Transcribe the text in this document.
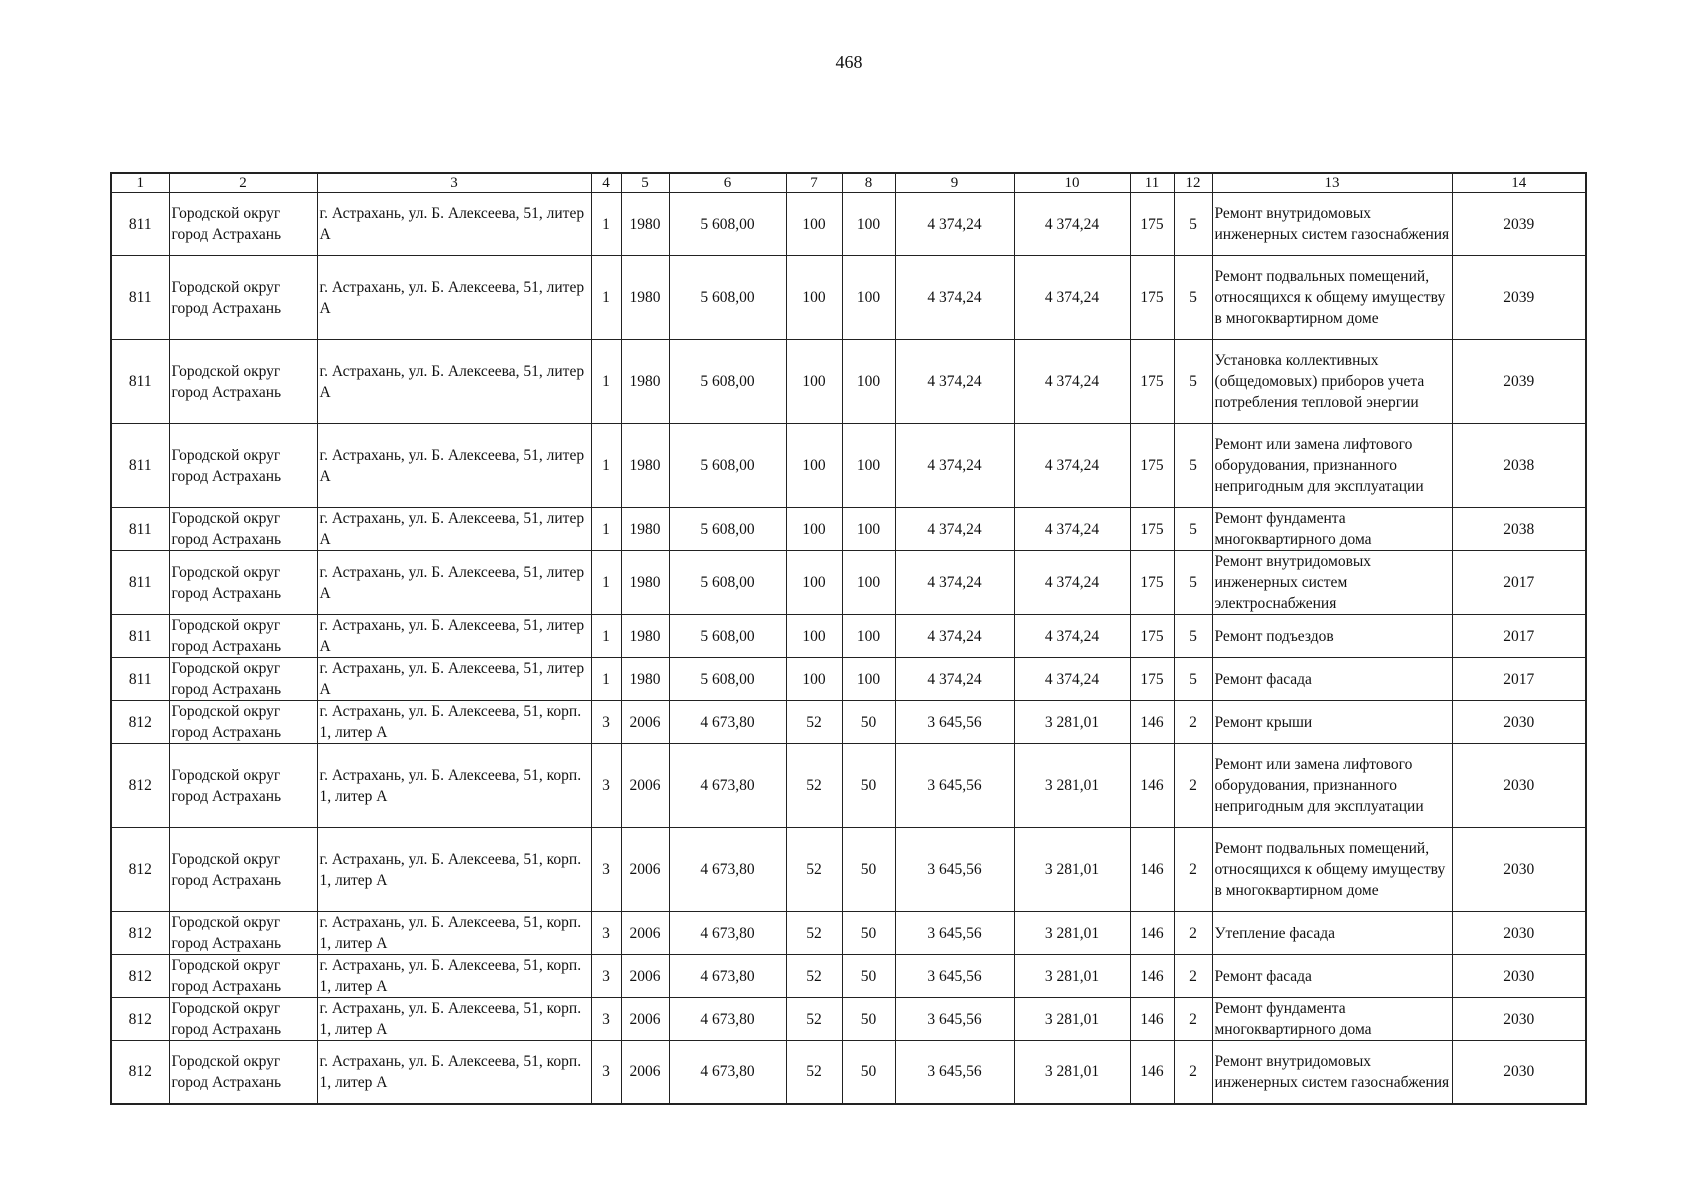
468
1	2	3	4	5	6	7	8	9	10	11	12	13	14
811	Городской округ город Астрахань	г. Астрахань, ул. Б. Алексеева, 51, литер А	1	1980	5 608,00	100	100	4 374,24	4 374,24	175	5	Ремонт внутридомовых инженерных систем газоснабжения	2039
811	Городской округ город Астрахань	г. Астрахань, ул. Б. Алексеева, 51, литер А	1	1980	5 608,00	100	100	4 374,24	4 374,24	175	5	Ремонт подвальных помещений, относящихся к общему имуществу в многоквартирном доме	2039
811	Городской округ город Астрахань	г. Астрахань, ул. Б. Алексеева, 51, литер А	1	1980	5 608,00	100	100	4 374,24	4 374,24	175	5	Установка коллективных (общедомовых) приборов учета потребления тепловой энергии	2039
811	Городской округ город Астрахань	г. Астрахань, ул. Б. Алексеева, 51, литер А	1	1980	5 608,00	100	100	4 374,24	4 374,24	175	5	Ремонт или замена лифтового оборудования, признанного непригодным для эксплуатации	2038
811	Городской округ город Астрахань	г. Астрахань, ул. Б. Алексеева, 51, литер А	1	1980	5 608,00	100	100	4 374,24	4 374,24	175	5	Ремонт фундамента многоквартирного дома	2038
811	Городской округ город Астрахань	г. Астрахань, ул. Б. Алексеева, 51, литер А	1	1980	5 608,00	100	100	4 374,24	4 374,24	175	5	Ремонт внутридомовых инженерных систем электроснабжения	2017
811	Городской округ город Астрахань	г. Астрахань, ул. Б. Алексеева, 51, литер А	1	1980	5 608,00	100	100	4 374,24	4 374,24	175	5	Ремонт подъездов	2017
811	Городской округ город Астрахань	г. Астрахань, ул. Б. Алексеева, 51, литер А	1	1980	5 608,00	100	100	4 374,24	4 374,24	175	5	Ремонт фасада	2017
812	Городской округ город Астрахань	г. Астрахань, ул. Б. Алексеева, 51, корп. 1, литер А	3	2006	4 673,80	52	50	3 645,56	3 281,01	146	2	Ремонт крыши	2030
812	Городской округ город Астрахань	г. Астрахань, ул. Б. Алексеева, 51, корп. 1, литер А	3	2006	4 673,80	52	50	3 645,56	3 281,01	146	2	Ремонт или замена лифтового оборудования, признанного непригодным для эксплуатации	2030
812	Городской округ город Астрахань	г. Астрахань, ул. Б. Алексеева, 51, корп. 1, литер А	3	2006	4 673,80	52	50	3 645,56	3 281,01	146	2	Ремонт подвальных помещений, относящихся к общему имуществу в многоквартирном доме	2030
812	Городской округ город Астрахань	г. Астрахань, ул. Б. Алексеева, 51, корп. 1, литер А	3	2006	4 673,80	52	50	3 645,56	3 281,01	146	2	Утепление фасада	2030
812	Городской округ город Астрахань	г. Астрахань, ул. Б. Алексеева, 51, корп. 1, литер А	3	2006	4 673,80	52	50	3 645,56	3 281,01	146	2	Ремонт фасада	2030
812	Городской округ город Астрахань	г. Астрахань, ул. Б. Алексеева, 51, корп. 1, литер А	3	2006	4 673,80	52	50	3 645,56	3 281,01	146	2	Ремонт фундамента многоквартирного дома	2030
812	Городской округ город Астрахань	г. Астрахань, ул. Б. Алексеева, 51, корп. 1, литер А	3	2006	4 673,80	52	50	3 645,56	3 281,01	146	2	Ремонт внутридомовых инженерных систем газоснабжения	2030
